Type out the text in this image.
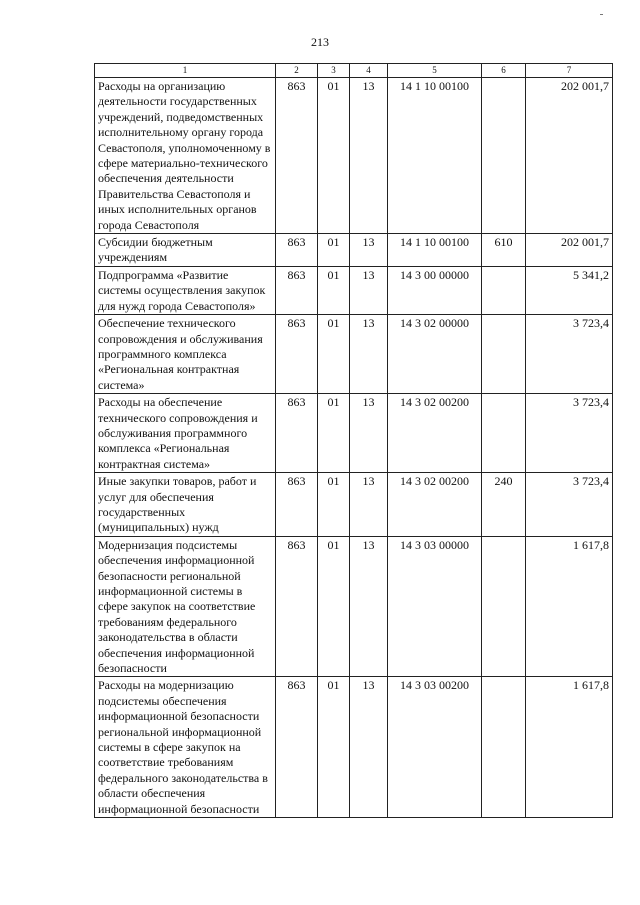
213
1	2	3	4	5	6	7
Расходы на организацию деятельности государственных учреждений, подведомственных исполнительному органу города Севастополя, уполномоченному в сфере материально-технического обеспечения деятельности Правительства Севастополя и иных исполнительных органов города Севастополя	863	01	13	14 1 10 00100		202 001,7
Субсидии бюджетным учреждениям	863	01	13	14 1 10 00100	610	202 001,7
Подпрограмма «Развитие системы осуществления закупок для нужд города Севастополя»	863	01	13	14 3 00 00000		5 341,2
Обеспечение технического сопровождения и обслуживания программного комплекса «Региональная контрактная система»	863	01	13	14 3 02 00000		3 723,4
Расходы на обеспечение технического сопровождения и обслуживания программного комплекса «Региональная контрактная система»	863	01	13	14 3 02 00200		3 723,4
Иные закупки товаров, работ и услуг для обеспечения государственных (муниципальных) нужд	863	01	13	14 3 02 00200	240	3 723,4
Модернизация подсистемы обеспечения информационной безопасности региональной информационной системы в сфере закупок на соответствие требованиям федерального законодательства в области обеспечения информационной безопасности	863	01	13	14 3 03 00000		1 617,8
Расходы на модернизацию подсистемы обеспечения информационной безопасности региональной информационной системы в сфере закупок на соответствие требованиям федерального законодательства в области обеспечения информационной безопасности	863	01	13	14 3 03 00200		1 617,8
